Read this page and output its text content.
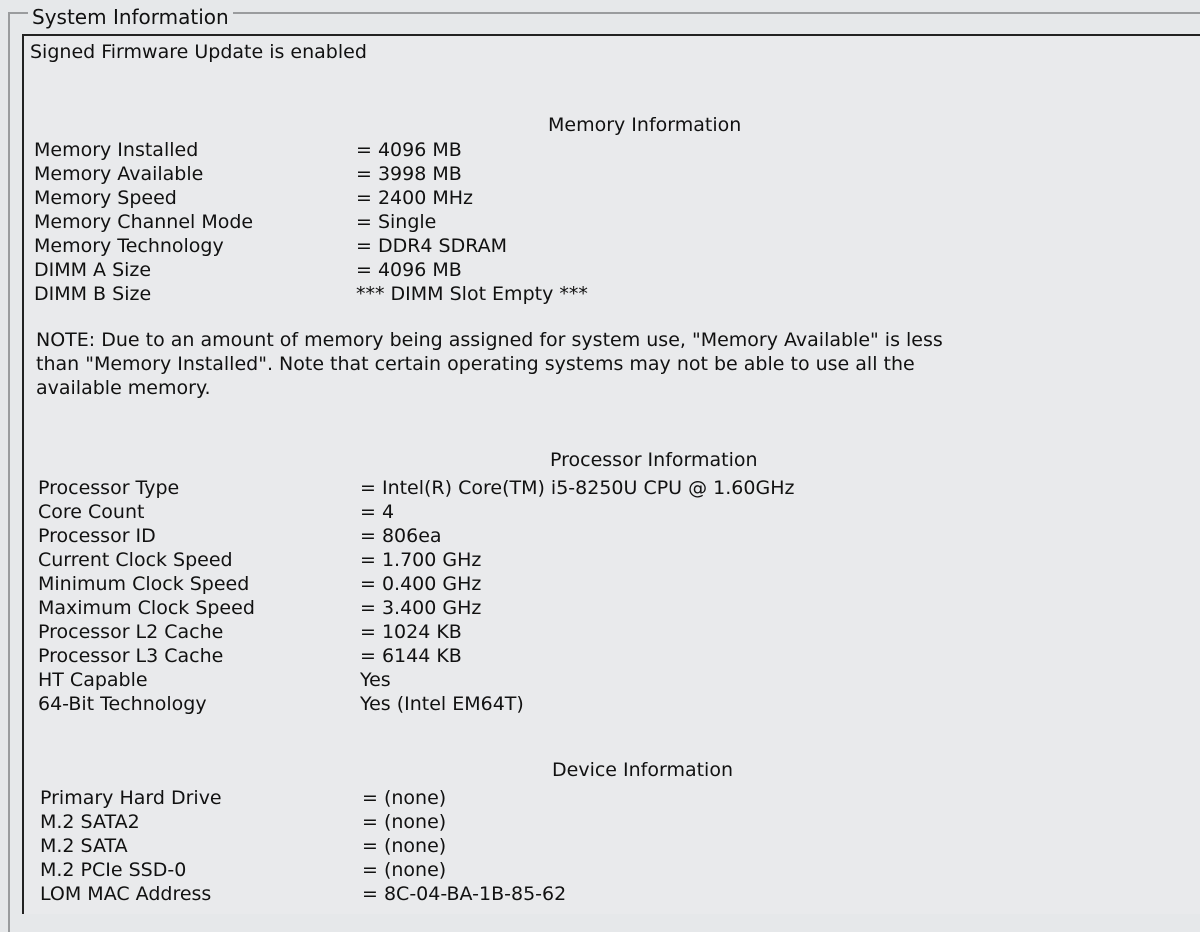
System Information
Signed Firmware Update is enabled
Memory Information
Memory Installed	= 4096 MB
Memory Available	= 3998 MB
Memory Speed	= 2400 MHz
Memory Channel Mode	= Single
Memory Technology	= DDR4 SDRAM
DIMM A Size	= 4096 MB
DIMM B Size	*** DIMM Slot Empty ***
NOTE: Due to an amount of memory being assigned for system use, "Memory Available" is less
than "Memory Installed". Note that certain operating systems may not be able to use all the
available memory.
Processor Information
Processor Type	= Intel(R) Core(TM) i5-8250U CPU @ 1.60GHz
Core Count	= 4
Processor ID	= 806ea
Current Clock Speed	= 1.700 GHz
Minimum Clock Speed	= 0.400 GHz
Maximum Clock Speed	= 3.400 GHz
Processor L2 Cache	= 1024 KB
Processor L3 Cache	= 6144 KB
HT Capable	Yes
64-Bit Technology	Yes (Intel EM64T)
Device Information
Primary Hard Drive	= (none)
M.2 SATA2	= (none)
M.2 SATA	= (none)
M.2 PCIe SSD-0	= (none)
LOM MAC Address	= 8C-04-BA-1B-85-62
